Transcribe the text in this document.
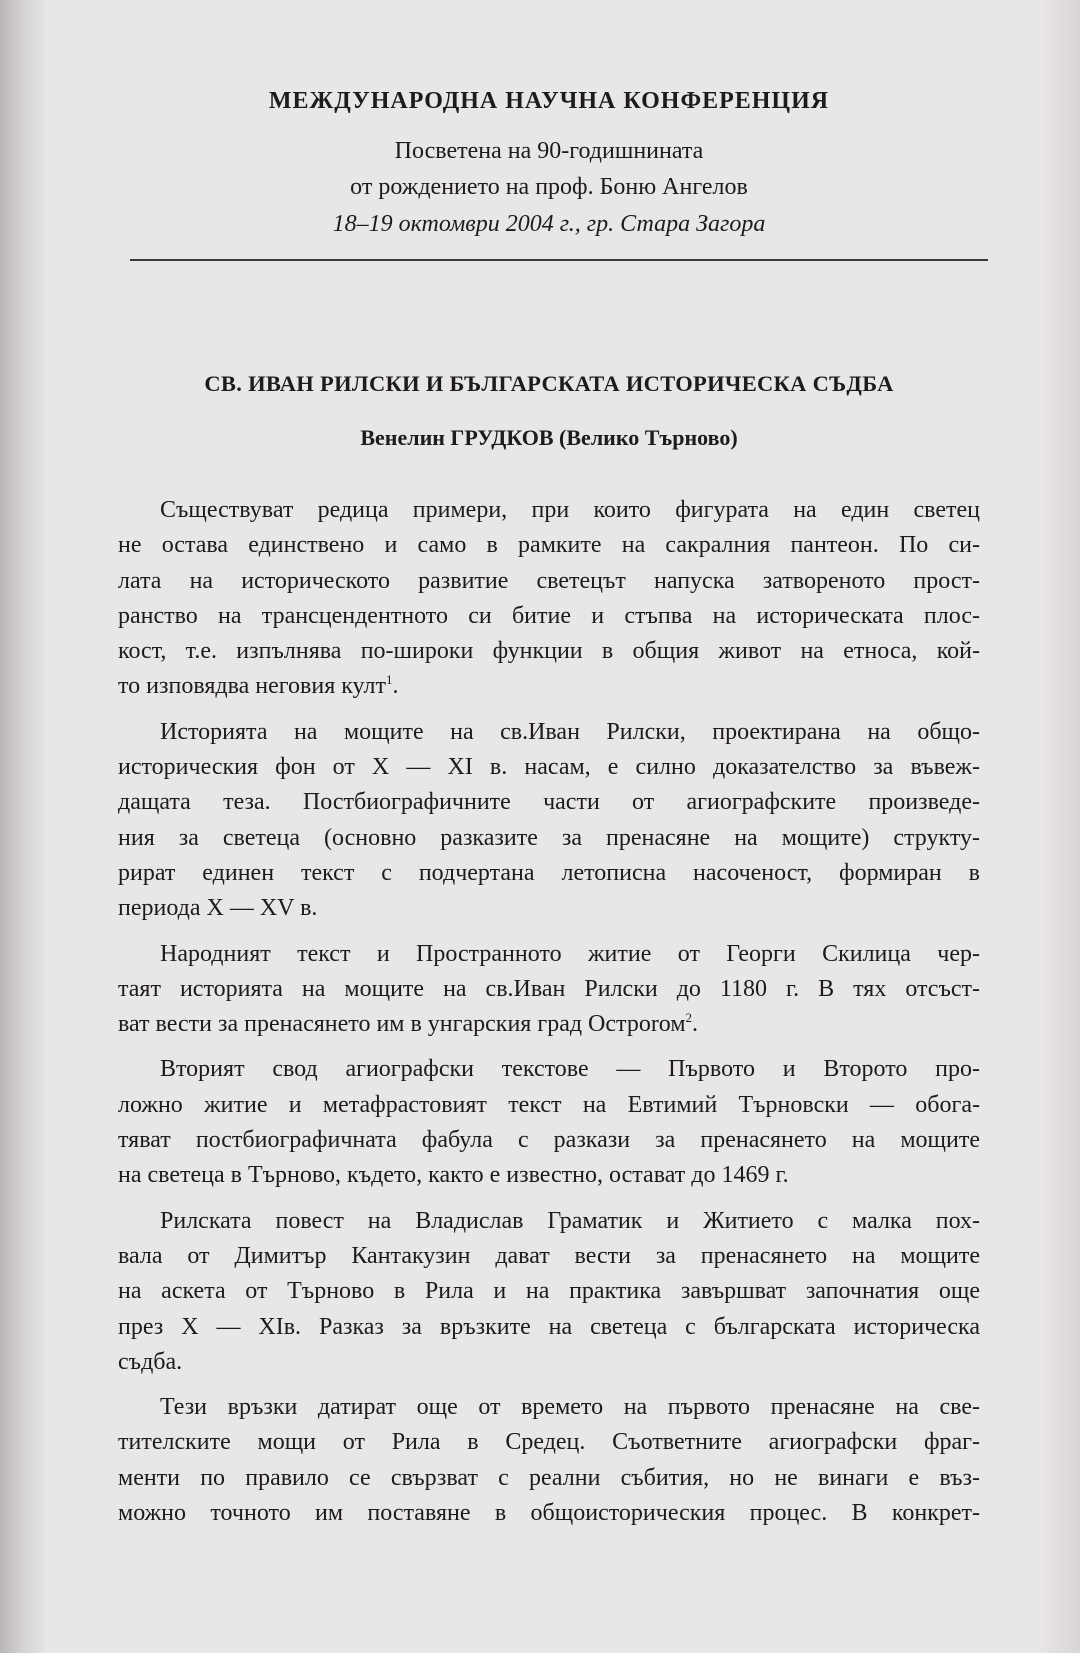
МЕЖДУНАРОДНА НАУЧНА КОНФЕРЕНЦИЯ

Посветена на 90-годишнината

от рождението на проф. Боню Ангелов

18–19 октомври 2004 г., гр. Стара Загора

СВ. ИВАН РИЛСКИ И БЪЛГАРСКАТА ИСТОРИЧЕСКА СЪДБА
Венелин ГРУДКОВ (Велико Търново)
Съществуват редица примери, при които фигурата на един светец
не остава единствено и само в рамките на сакралния пантеон. По си-
лата на историческото развитие светецът напуска затвореното прост-
ранство на трансцендентното си битие и стъпва на историческата плос-
кост, т.е. изпълнява по-широки функции в общия живот на етноса, кой-
то изповядва неговия култ$^1$.
Историята на мощите на св.Иван Рилски, проектирана на общо-
историческия фон от X — XI в. насам, е силно доказателство за въвеж-
дащата теза. Постбиографичните части от агиографските произведе-
ния за светеца (основно разказите за пренасяне на мощите) структу-
рират единен текст с подчертана летописна насоченост, формиран в
периода X — XV в.
Народният текст и Пространното житие от Георги Скилица чер-
таят историята на мощите на св.Иван Рилски до 1180 г. В тях отсъст-
ват вести за пренасянето им в унгарския град Остроrом$^2$.
Вторият свод агиографски текстове — Първото и Второто про-
ложно житие и метафрастовият текст на Евтимий Търновски — обога-
тяват постбиографичната фабула с разкази за пренасянето на мощите
на светеца в Търново, където, както е известно, остават до 1469 г.
Рилската повест на Владислав Граматик и Житието с малка пох-
вала от Димитър Кантакузин дават вести за пренасянето на мощите
на аскета от Търново в Рила и на практика завършват започнатия още
през X — XIв. Разказ за връзките на светеца с българската историческа
съдба.
Тези връзки датират още от времето на първото пренасяне на све-
тителските мощи от Рила в Средец. Съответните агиографски фраг-
менти по правило се свързват с реални събития, но не винаги е въз-
можно точното им поставяне в общоисторическия процес. В конкрет-
